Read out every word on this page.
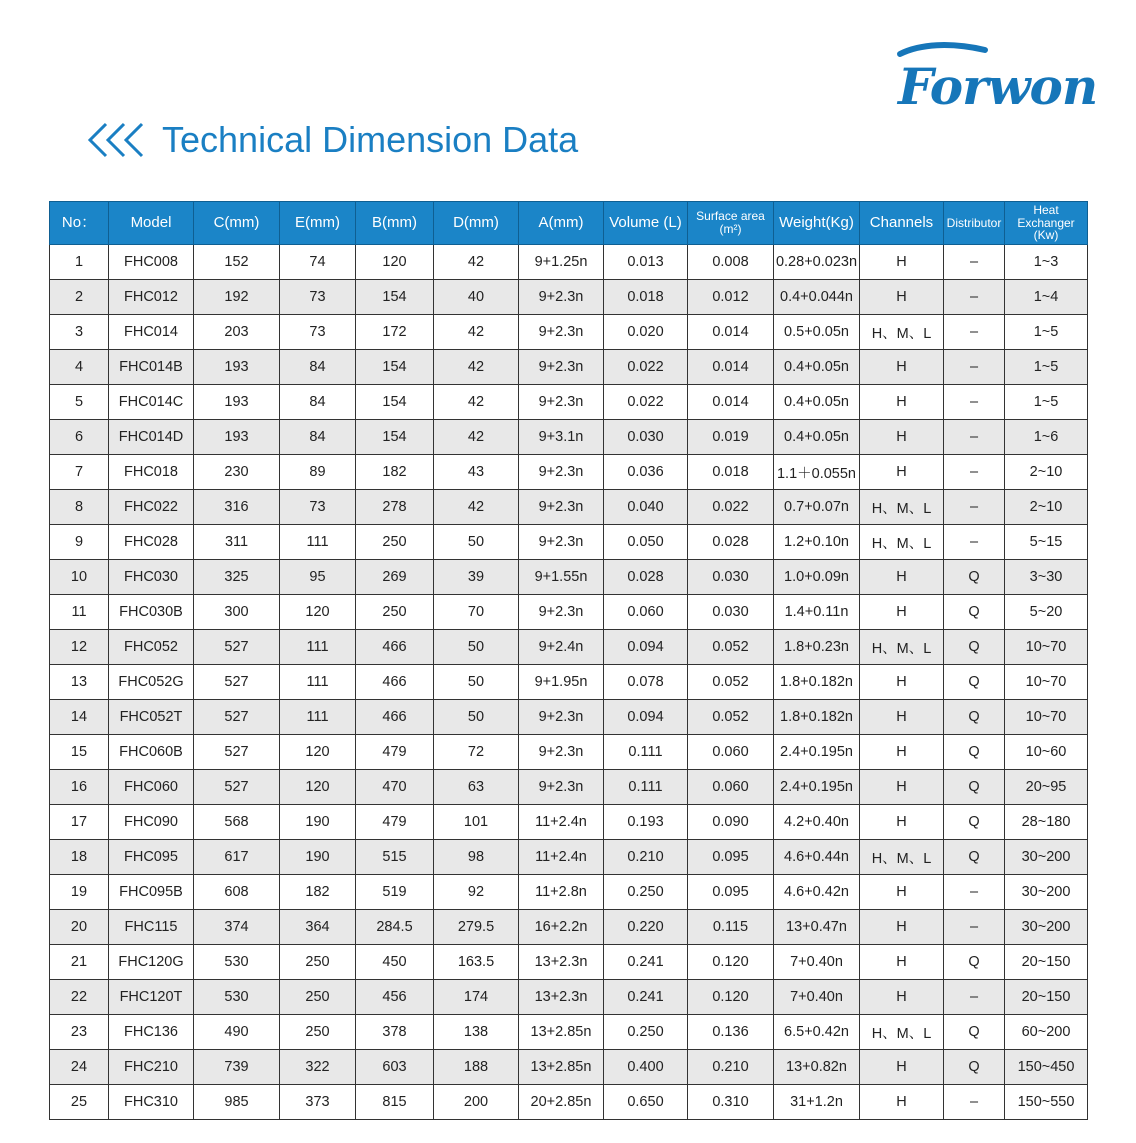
Forwon
Technical Dimension Data
No：	Model	C(mm)	E(mm)	B(mm)	D(mm)	A(mm)	Volume (L)	Surface area
(m²)	Weight(Kg)	Channels	Distributor	Heat Exchanger
(Kw)
1	FHC008	152	74	120	42	9+1.25n	0.013	0.008	0.28+0.023n	H	–	1~3
2	FHC012	192	73	154	40	9+2.3n	0.018	0.012	0.4+0.044n	H	–	1~4
3	FHC014	203	73	172	42	9+2.3n	0.020	0.014	0.5+0.05n	H、M、L	–	1~5
4	FHC014B	193	84	154	42	9+2.3n	0.022	0.014	0.4+0.05n	H	–	1~5
5	FHC014C	193	84	154	42	9+2.3n	0.022	0.014	0.4+0.05n	H	–	1~5
6	FHC014D	193	84	154	42	9+3.1n	0.030	0.019	0.4+0.05n	H	–	1~6
7	FHC018	230	89	182	43	9+2.3n	0.036	0.018	1.1＋0.055n	H	–	2~10
8	FHC022	316	73	278	42	9+2.3n	0.040	0.022	0.7+0.07n	H、M、L	–	2~10
9	FHC028	311	111	250	50	9+2.3n	0.050	0.028	1.2+0.10n	H、M、L	–	5~15
10	FHC030	325	95	269	39	9+1.55n	0.028	0.030	1.0+0.09n	H	Q	3~30
11	FHC030B	300	120	250	70	9+2.3n	0.060	0.030	1.4+0.11n	H	Q	5~20
12	FHC052	527	111	466	50	9+2.4n	0.094	0.052	1.8+0.23n	H、M、L	Q	10~70
13	FHC052G	527	111	466	50	9+1.95n	0.078	0.052	1.8+0.182n	H	Q	10~70
14	FHC052T	527	111	466	50	9+2.3n	0.094	0.052	1.8+0.182n	H	Q	10~70
15	FHC060B	527	120	479	72	9+2.3n	0.111	0.060	2.4+0.195n	H	Q	10~60
16	FHC060	527	120	470	63	9+2.3n	0.111	0.060	2.4+0.195n	H	Q	20~95
17	FHC090	568	190	479	101	11+2.4n	0.193	0.090	4.2+0.40n	H	Q	28~180
18	FHC095	617	190	515	98	11+2.4n	0.210	0.095	4.6+0.44n	H、M、L	Q	30~200
19	FHC095B	608	182	519	92	11+2.8n	0.250	0.095	4.6+0.42n	H	–	30~200
20	FHC115	374	364	284.5	279.5	16+2.2n	0.220	0.115	13+0.47n	H	–	30~200
21	FHC120G	530	250	450	163.5	13+2.3n	0.241	0.120	7+0.40n	H	Q	20~150
22	FHC120T	530	250	456	174	13+2.3n	0.241	0.120	7+0.40n	H	–	20~150
23	FHC136	490	250	378	138	13+2.85n	0.250	0.136	6.5+0.42n	H、M、L	Q	60~200
24	FHC210	739	322	603	188	13+2.85n	0.400	0.210	13+0.82n	H	Q	150~450
25	FHC310	985	373	815	200	20+2.85n	0.650	0.310	31+1.2n	H	–	150~550
